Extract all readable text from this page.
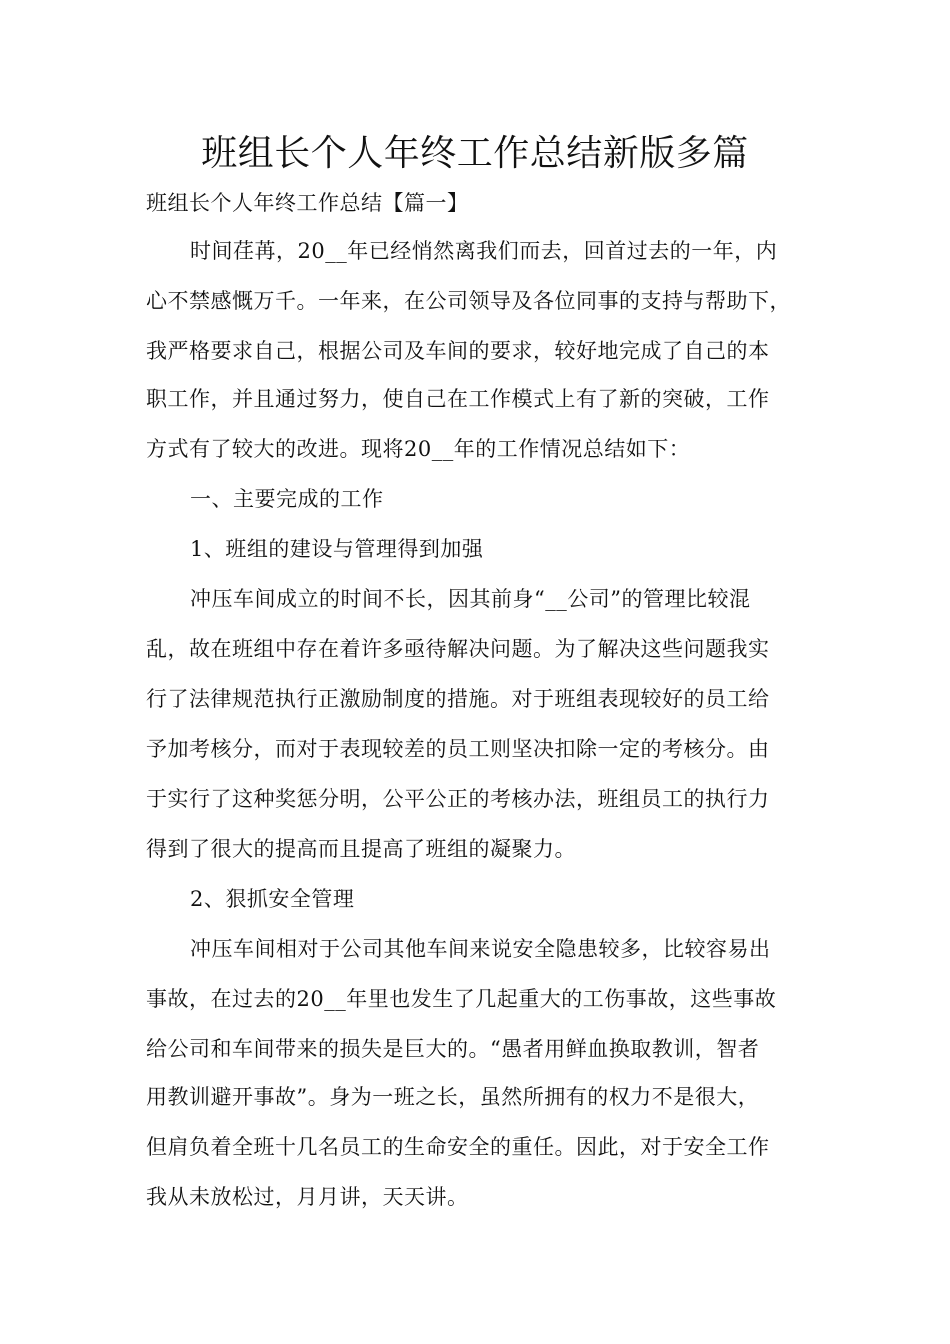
班组长个人年终工作总结新版多篇
班组长个人年终工作总结【篇一】
时间荏苒，20__年已经悄然离我们而去，回首过去的一年，内
心不禁感慨万千。一年来，在公司领导及各位同事的支持与帮助下，
我严格要求自己，根据公司及车间的要求，较好地完成了自己的本
职工作，并且通过努力，使自己在工作模式上有了新的突破，工作
方式有了较大的改进。现将20__年的工作情况总结如下：
一、主要完成的工作
1、班组的建设与管理得到加强
冲压车间成立的时间不长，因其前身“__公司”的管理比较混
乱，故在班组中存在着许多亟待解决问题。为了解决这些问题我实
行了法律规范执行正激励制度的措施。对于班组表现较好的员工给
予加考核分，而对于表现较差的员工则坚决扣除一定的考核分。由
于实行了这种奖惩分明，公平公正的考核办法，班组员工的执行力
得到了很大的提高而且提高了班组的凝聚力。
2、狠抓安全管理
冲压车间相对于公司其他车间来说安全隐患较多，比较容易出
事故，在过去的20__年里也发生了几起重大的工伤事故，这些事故
给公司和车间带来的损失是巨大的。“愚者用鲜血换取教训，智者
用教训避开事故”。身为一班之长，虽然所拥有的权力不是很大，
但肩负着全班十几名员工的生命安全的重任。因此，对于安全工作
我从未放松过，月月讲，天天讲。
